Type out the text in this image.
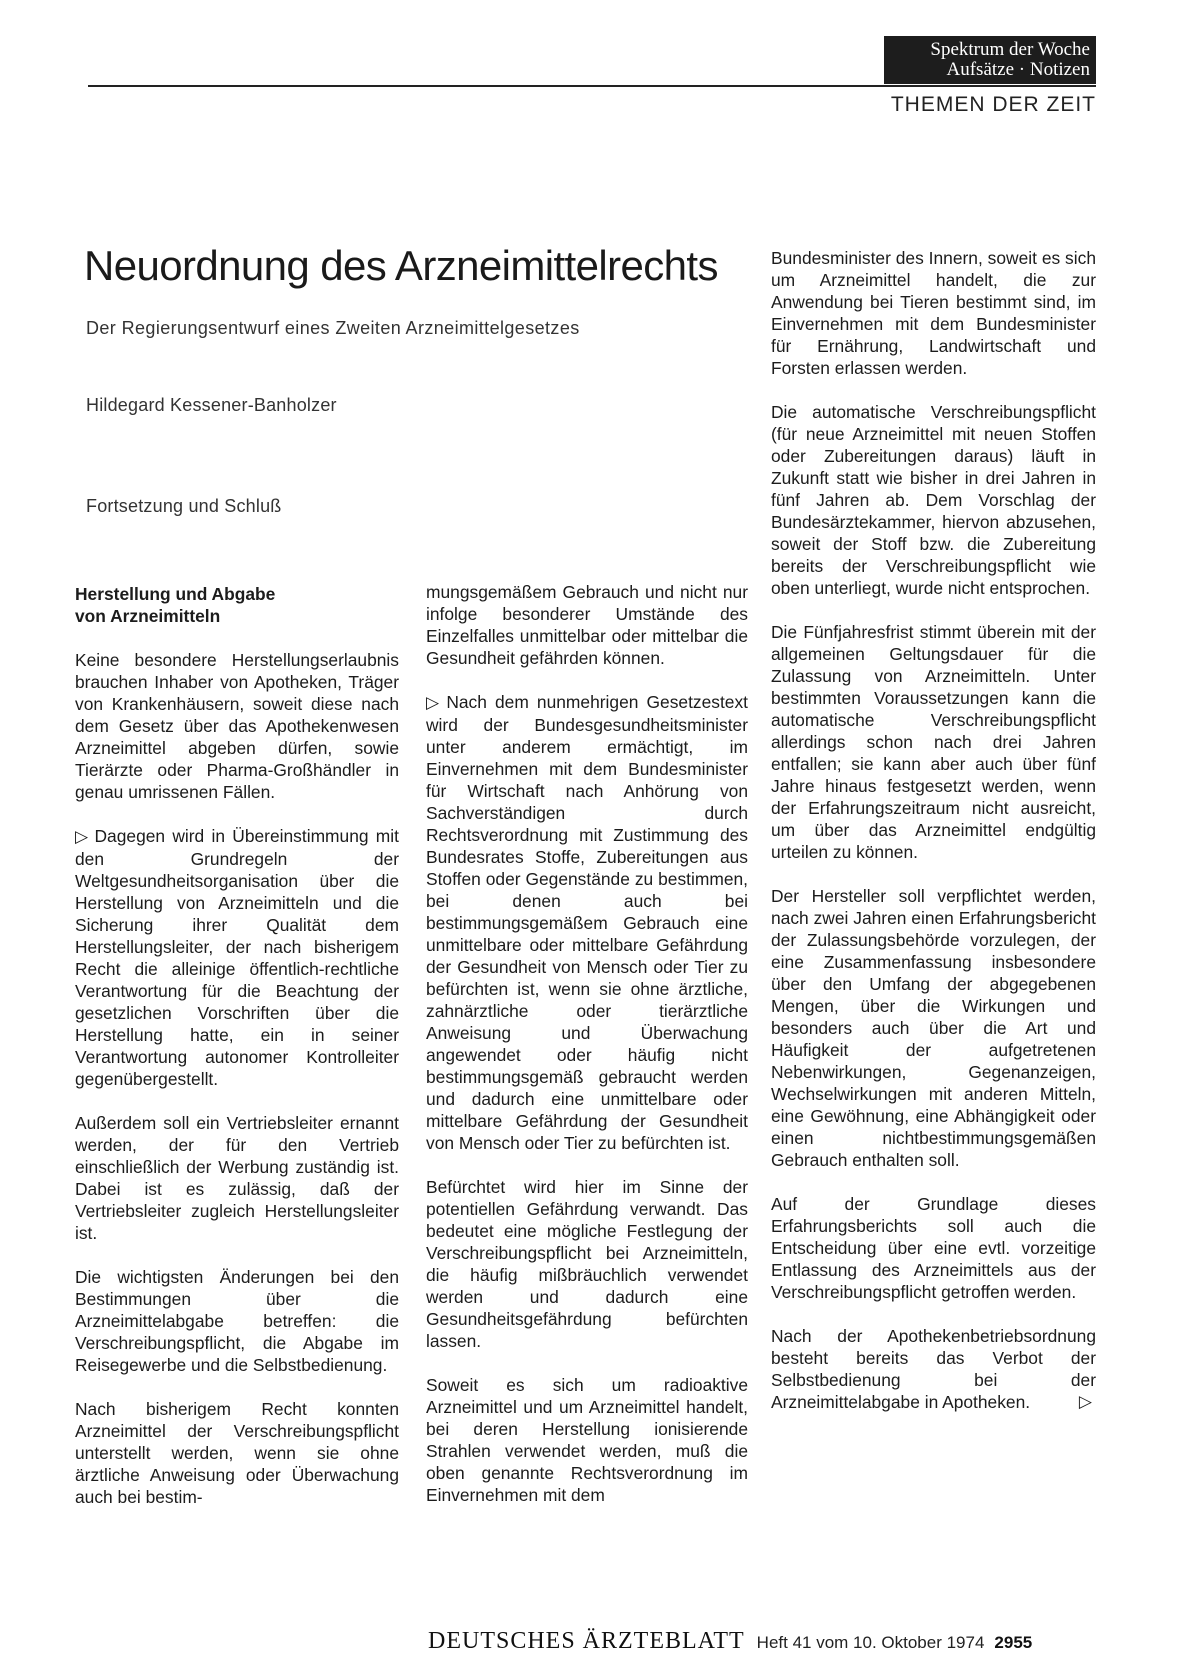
Spektrum der Woche
Aufsätze · Notizen
THEMEN DER ZEIT
Neuordnung des Arzneimittelrechts
Der Regierungsentwurf eines Zweiten Arzneimittelgesetzes
Hildegard Kessener-Banholzer
Fortsetzung und Schluß
Herstellung und Abgabe
von Arzneimitteln

Keine besondere Herstellungserlaubnis brauchen Inhaber von Apotheken, Träger von Krankenhäusern, soweit diese nach dem Gesetz über das Apothekenwesen Arzneimittel abgeben dürfen, sowie Tierärzte oder Pharma-Großhändler in genau umrissenen Fällen.

▷ Dagegen wird in Übereinstimmung mit den Grundregeln der Weltgesundheitsorganisation über die Herstellung von Arzneimitteln und die Sicherung ihrer Qualität dem Herstellungsleiter, der nach bisherigem Recht die alleinige öffentlich-rechtliche Verantwortung für die Beachtung der gesetzlichen Vorschriften über die Herstellung hatte, ein in seiner Verantwortung autonomer Kontrolleiter gegenübergestellt.

Außerdem soll ein Vertriebsleiter ernannt werden, der für den Vertrieb einschließlich der Werbung zuständig ist. Dabei ist es zulässig, daß der Vertriebsleiter zugleich Herstellungsleiter ist.

Die wichtigsten Änderungen bei den Bestimmungen über die Arzneimittelabgabe betreffen: die Verschreibungspflicht, die Abgabe im Reisegewerbe und die Selbstbedienung.

Nach bisherigem Recht konnten Arzneimittel der Verschreibungspflicht unterstellt werden, wenn sie ohne ärztliche Anweisung oder Überwachung auch bei bestim-

mungsgemäßem Gebrauch und nicht nur infolge besonderer Umstände des Einzelfalles unmittelbar oder mittelbar die Gesundheit gefährden können.

▷ Nach dem nunmehrigen Gesetzestext wird der Bundesgesundheitsminister unter anderem ermächtigt, im Einvernehmen mit dem Bundesminister für Wirtschaft nach Anhörung von Sachverständigen durch Rechtsverordnung mit Zustimmung des Bundesrates Stoffe, Zubereitungen aus Stoffen oder Gegenstände zu bestimmen, bei denen auch bei bestimmungsgemäßem Gebrauch eine unmittelbare oder mittelbare Gefährdung der Gesundheit von Mensch oder Tier zu befürchten ist, wenn sie ohne ärztliche, zahnärztliche oder tierärztliche Anweisung und Überwachung angewendet oder häufig nicht bestimmungsgemäß gebraucht werden und dadurch eine unmittelbare oder mittelbare Gefährdung der Gesundheit von Mensch oder Tier zu befürchten ist.

Befürchtet wird hier im Sinne der potentiellen Gefährdung verwandt. Das bedeutet eine mögliche Festlegung der Verschreibungspflicht bei Arzneimitteln, die häufig mißbräuchlich verwendet werden und dadurch eine Gesundheitsgefährdung befürchten lassen.

Soweit es sich um radioaktive Arzneimittel und um Arzneimittel handelt, bei deren Herstellung ionisierende Strahlen verwendet werden, muß die oben genannte Rechtsverordnung im Einvernehmen mit dem

Bundesminister des Innern, soweit es sich um Arzneimittel handelt, die zur Anwendung bei Tieren bestimmt sind, im Einvernehmen mit dem Bundesminister für Ernährung, Landwirtschaft und Forsten erlassen werden.

Die automatische Verschreibungspflicht (für neue Arzneimittel mit neuen Stoffen oder Zubereitungen daraus) läuft in Zukunft statt wie bisher in drei Jahren in fünf Jahren ab. Dem Vorschlag der Bundesärztekammer, hiervon abzusehen, soweit der Stoff bzw. die Zubereitung bereits der Verschreibungspflicht wie oben unterliegt, wurde nicht entsprochen.

Die Fünfjahresfrist stimmt überein mit der allgemeinen Geltungsdauer für die Zulassung von Arzneimitteln. Unter bestimmten Voraussetzungen kann die automatische Verschreibungspflicht allerdings schon nach drei Jahren entfallen; sie kann aber auch über fünf Jahre hinaus festgesetzt werden, wenn der Erfahrungszeitraum nicht ausreicht, um über das Arzneimittel endgültig urteilen zu können.

Der Hersteller soll verpflichtet werden, nach zwei Jahren einen Erfahrungsbericht der Zulassungsbehörde vorzulegen, der eine Zusammenfassung insbesondere über den Umfang der abgegebenen Mengen, über die Wirkungen und besonders auch über die Art und Häufigkeit der aufgetretenen Nebenwirkungen, Gegenanzeigen, Wechselwirkungen mit anderen Mitteln, eine Gewöhnung, eine Abhängigkeit oder einen nichtbestimmungsgemäßen Gebrauch enthalten soll.

Auf der Grundlage dieses Erfahrungsberichts soll auch die Entscheidung über eine evtl. vorzeitige Entlassung des Arzneimittels aus der Verschreibungspflicht getroffen werden.

Nach der Apothekenbetriebsordnung besteht bereits das Verbot der Selbstbedienung bei der Arzneimittelabgabe in Apotheken.	▷

DEUTSCHES ÄRZTEBLATT Heft 41 vom 10. Oktober 1974 2955
